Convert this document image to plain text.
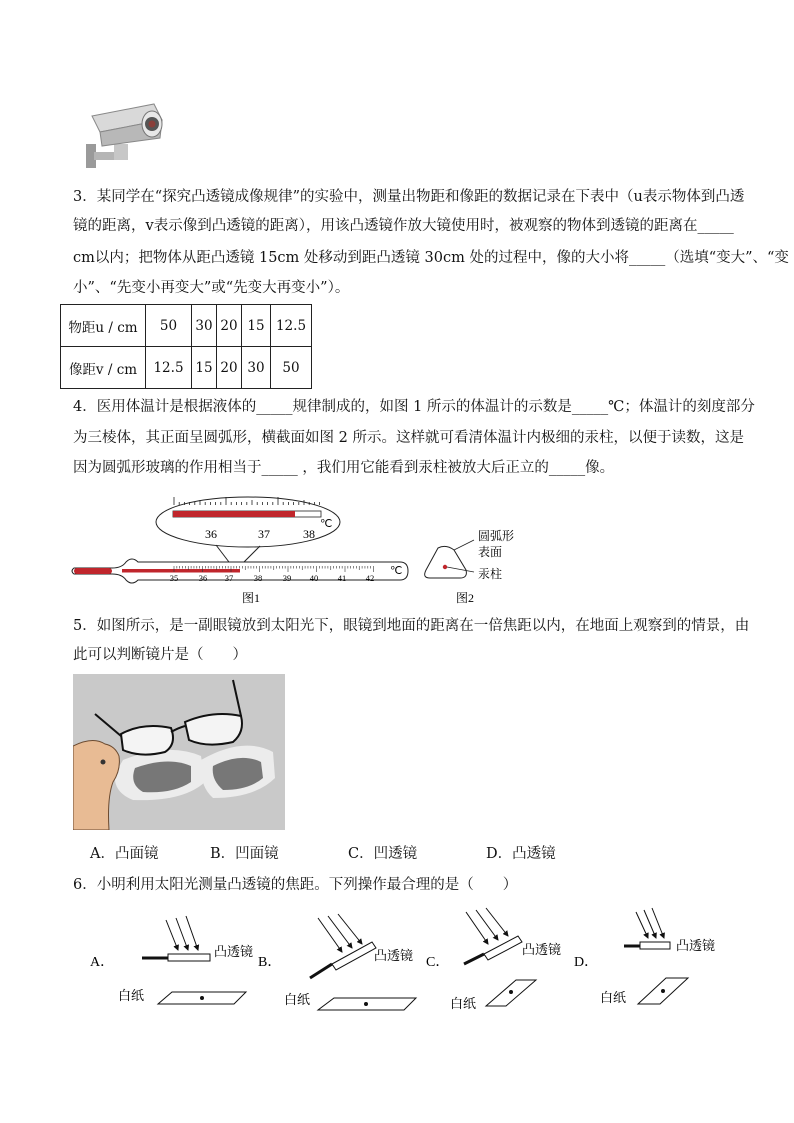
3．某同学在“探究凸透镜成像规律”的实验中，测量出物距和像距的数据记录在下表中（u表示物体到凸透
镜的距离，v表示像到凸透镜的距离），用该凸透镜作放大镜使用时，被观察的物体到透镜的距离在_____
cm以内；把物体从距凸透镜 15cm 处移动到距凸透镜 30cm 处的过程中，像的大小将_____（选填“变大”、“变
小”、“先变小再变大”或“先变大再变小”）。
物距u / cm	50	30	20	15	12.5
像距v / cm	12.5	15	20	30	50
4．医用体温计是根据液体的_____规律制成的，如图 1 所示的体温计的示数是_____℃；体温计的刻度部分
为三棱体，其正面呈圆弧形，横截面如图 2 所示。这样就可看清体温计内极细的汞柱，以便于读数，这是
因为圆弧形玻璃的作用相当于_____ ，我们用它能看到汞柱被放大后正立的_____像。
36	37	38
℃
35 36 37 38 39 40 41 42
℃
图1
圆弧形
表面
汞柱
图2
5．如图所示，是一副眼镜放到太阳光下，眼镜到地面的距离在一倍焦距以内，在地面上观察到的情景，由
此可以判断镜片是（　　）
A．凸面镜	B．凹面镜	C．凹透镜	D．凸透镜
6．小明利用太阳光测量凸透镜的焦距。下列操作最合理的是（　　）
A．
凸透镜
白纸
B．	凸透镜
白纸
C．
凸透镜
白纸
D．
凸透镜
白纸
